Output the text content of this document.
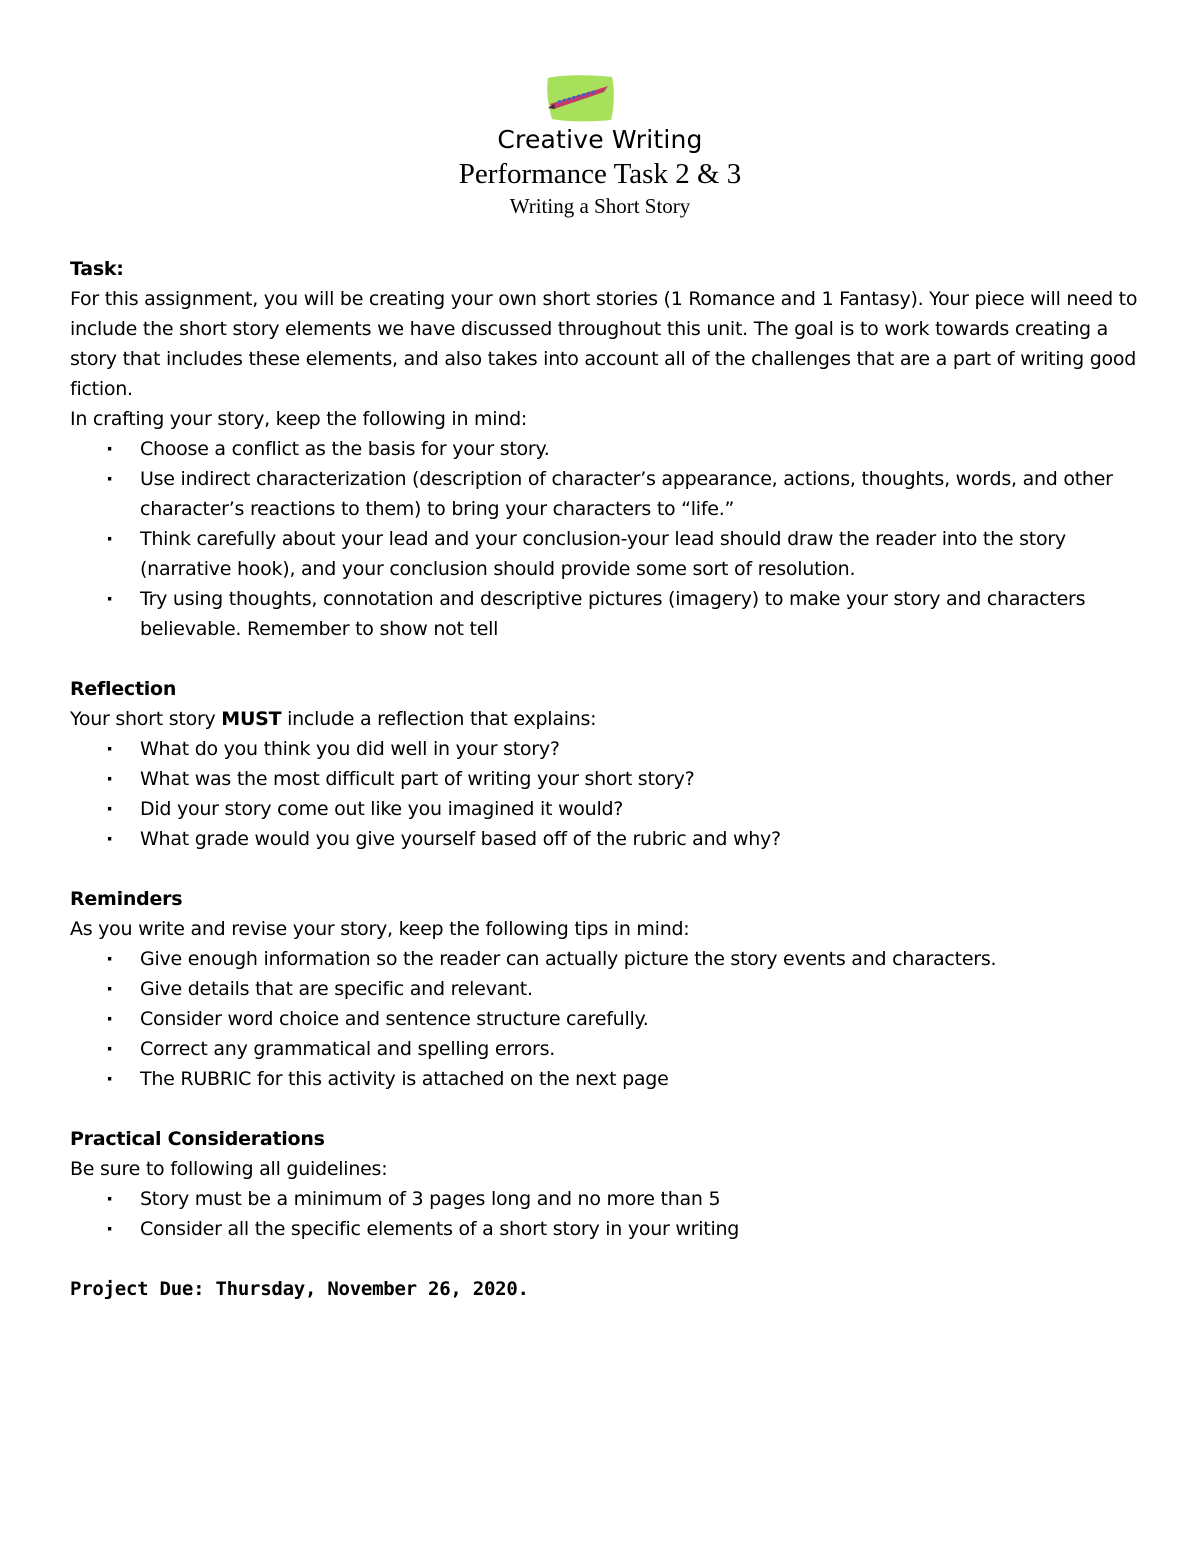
Creative Writing

Performance Task 2 & 3

Writing a Short Story

Task:

For this assignment, you will be creating your own short stories (1 Romance and 1 Fantasy). Your piece will need to include the short story elements we have discussed throughout this unit. The goal is to work towards creating a story that includes these elements, and also takes into account all of the challenges that are a part of writing good fiction.

In crafting your story, keep the following in mind:

· Choose a conflict as the basis for your story.
· Use indirect characterization (description of character’s appearance, actions, thoughts, words, and other character’s reactions to them) to bring your characters to “life.”
· Think carefully about your lead and your conclusion-your lead should draw the reader into the story (narrative hook), and your conclusion should provide some sort of resolution.
· Try using thoughts, connotation and descriptive pictures (imagery) to make your story and characters believable. Remember to show not tell

Reflection

Your short story MUST include a reflection that explains:

· What do you think you did well in your story?
· What was the most difficult part of writing your short story?
· Did your story come out like you imagined it would?
· What grade would you give yourself based off of the rubric and why?

Reminders

As you write and revise your story, keep the following tips in mind:

· Give enough information so the reader can actually picture the story events and characters.
· Give details that are specific and relevant.
· Consider word choice and sentence structure carefully.
· Correct any grammatical and spelling errors.
· The RUBRIC for this activity is attached on the next page

Practical Considerations

Be sure to following all guidelines:

· Story must be a minimum of 3 pages long and no more than 5
· Consider all the specific elements of a short story in your writing

Project Due: Thursday, November 26, 2020.
